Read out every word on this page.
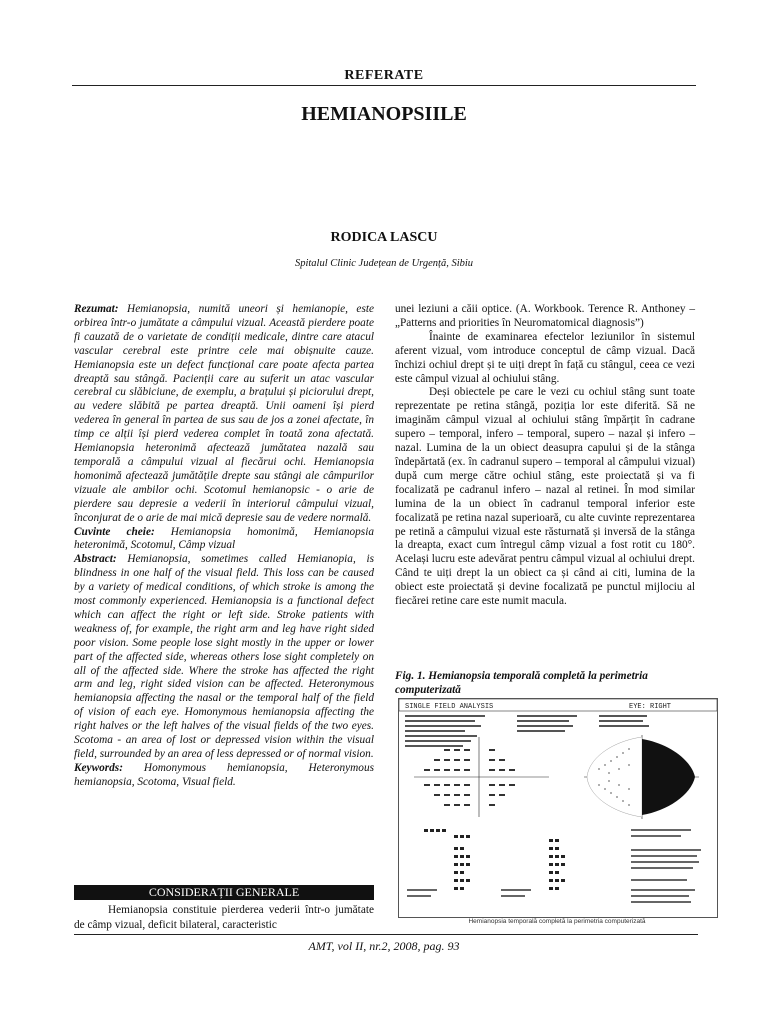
REFERATE
HEMIANOPSIILE
RODICA LASCU
Spitalul Clinic Județean de Urgență, Sibiu

Rezumat: Hemianopsia, numită uneori și hemianopie, este orbirea într-o jumătate a câmpului vizual. Această pierdere poate fi cauzată de o varietate de condiții medicale, dintre care atacul vascular cerebral este printre cele mai obișnuite cauze. Hemianopsia este un defect funcțional care poate afecta partea dreaptă sau stângă. Pacienții care au suferit un atac vascular cerebral cu slăbiciune, de exemplu, a brațului și piciorului drept, au vedere slăbită pe partea dreaptă. Unii oameni își pierd vederea în general în partea de sus sau de jos a zonei afectate, în timp ce alții își pierd vederea complet în toată zona afectată. Hemianopsia heteronimă afectează jumătatea nazală sau temporală a câmpului vizual al fiecărui ochi. Hemianopsia homonimă afectează jumătățile drepte sau stângi ale câmpurilor vizuale ale ambilor ochi. Scotomul hemianopsic - o arie de pierdere sau depresie a vederii în interiorul câmpului vizual, înconjurat de o arie de mai mică depresie sau de vedere normală.

Cuvinte cheie: Hemianopsia homonimă, Hemianopsia heteronimă, Scotomul, Câmp vizual

Abstract: Hemianopsia, sometimes called Hemianopia, is blindness in one half of the visual field. This loss can be caused by a variety of medical conditions, of which stroke is among the most commonly experienced. Hemianopsia is a functional defect which can affect the right or left side. Stroke patients with weakness of, for example, the right arm and leg have right sided poor vision. Some people lose sight mostly in the upper or lower part of the affected side, whereas others lose sight completely on all of the affected side. Where the stroke has affected the right arm and leg, right sided vision can be affected. Heteronymous hemianopsia affecting the nasal or the temporal half of the field of vision of each eye. Homonymous hemianopsia affecting the right halves or the left halves of the visual fields of the two eyes. Scotoma - an area of lost or depressed vision within the visual field, surrounded by an area of less depressed or of normal vision.

Keywords: Homonymous hemianopsia, Heteronymous hemianopsia, Scotoma, Visual field.

CONSIDERAȚII GENERALE

Hemianopsia constituie pierderea vederii într-o jumătate de câmp vizual, deficit bilateral, caracteristic

unei leziuni a căii optice. (A. Workbook. Terence R. Anthoney – „Patterns and priorities în Neuromatomical diagnosis”)

Înainte de examinarea efectelor leziunilor în sistemul aferent vizual, vom introduce conceptul de câmp vizual. Dacă închizi ochiul drept și te uiți drept în față cu stângul, ceea ce vezi este câmpul vizual al ochiului stâng.

Deși obiectele pe care le vezi cu ochiul stâng sunt toate reprezentate pe retina stângă, poziția lor este diferită. Să ne imaginăm câmpul vizual al ochiului stâng împărțit în cadrane supero – temporal, infero – temporal, supero – nazal și infero – nazal. Lumina de la un obiect deasupra capului și de la stânga îndepărtată (ex. în cadranul supero – temporal al câmpului vizual) după cum merge către ochiul stâng, este proiectată și va fi focalizată pe cadranul infero – nazal al retinei. În mod similar lumina de la un obiect în cadranul temporal inferior este focalizată pe retina nazal superioară, cu alte cuvinte reprezentarea pe retină a câmpului vizual este răsturnată și inversă de la stânga la dreapta, exact cum întregul câmp vizual a fost rotit cu 180°. Același lucru este adevărat pentru câmpul vizual al ochiului drept. Când te uiți drept la un obiect ca și când ai citi, lumina de la obiect este proiectată și devine focalizată pe punctul mijlociu al fiecărei retine care este numit macula.

Fig. 1. Hemianopsia temporală completă la perimetria computerizată
SINGLE FIELD ANALYSIS	EYE: RIGHT
Hemianopsia temporală completă la perimetria computerizată
AMT, vol II, nr.2, 2008, pag. 93
